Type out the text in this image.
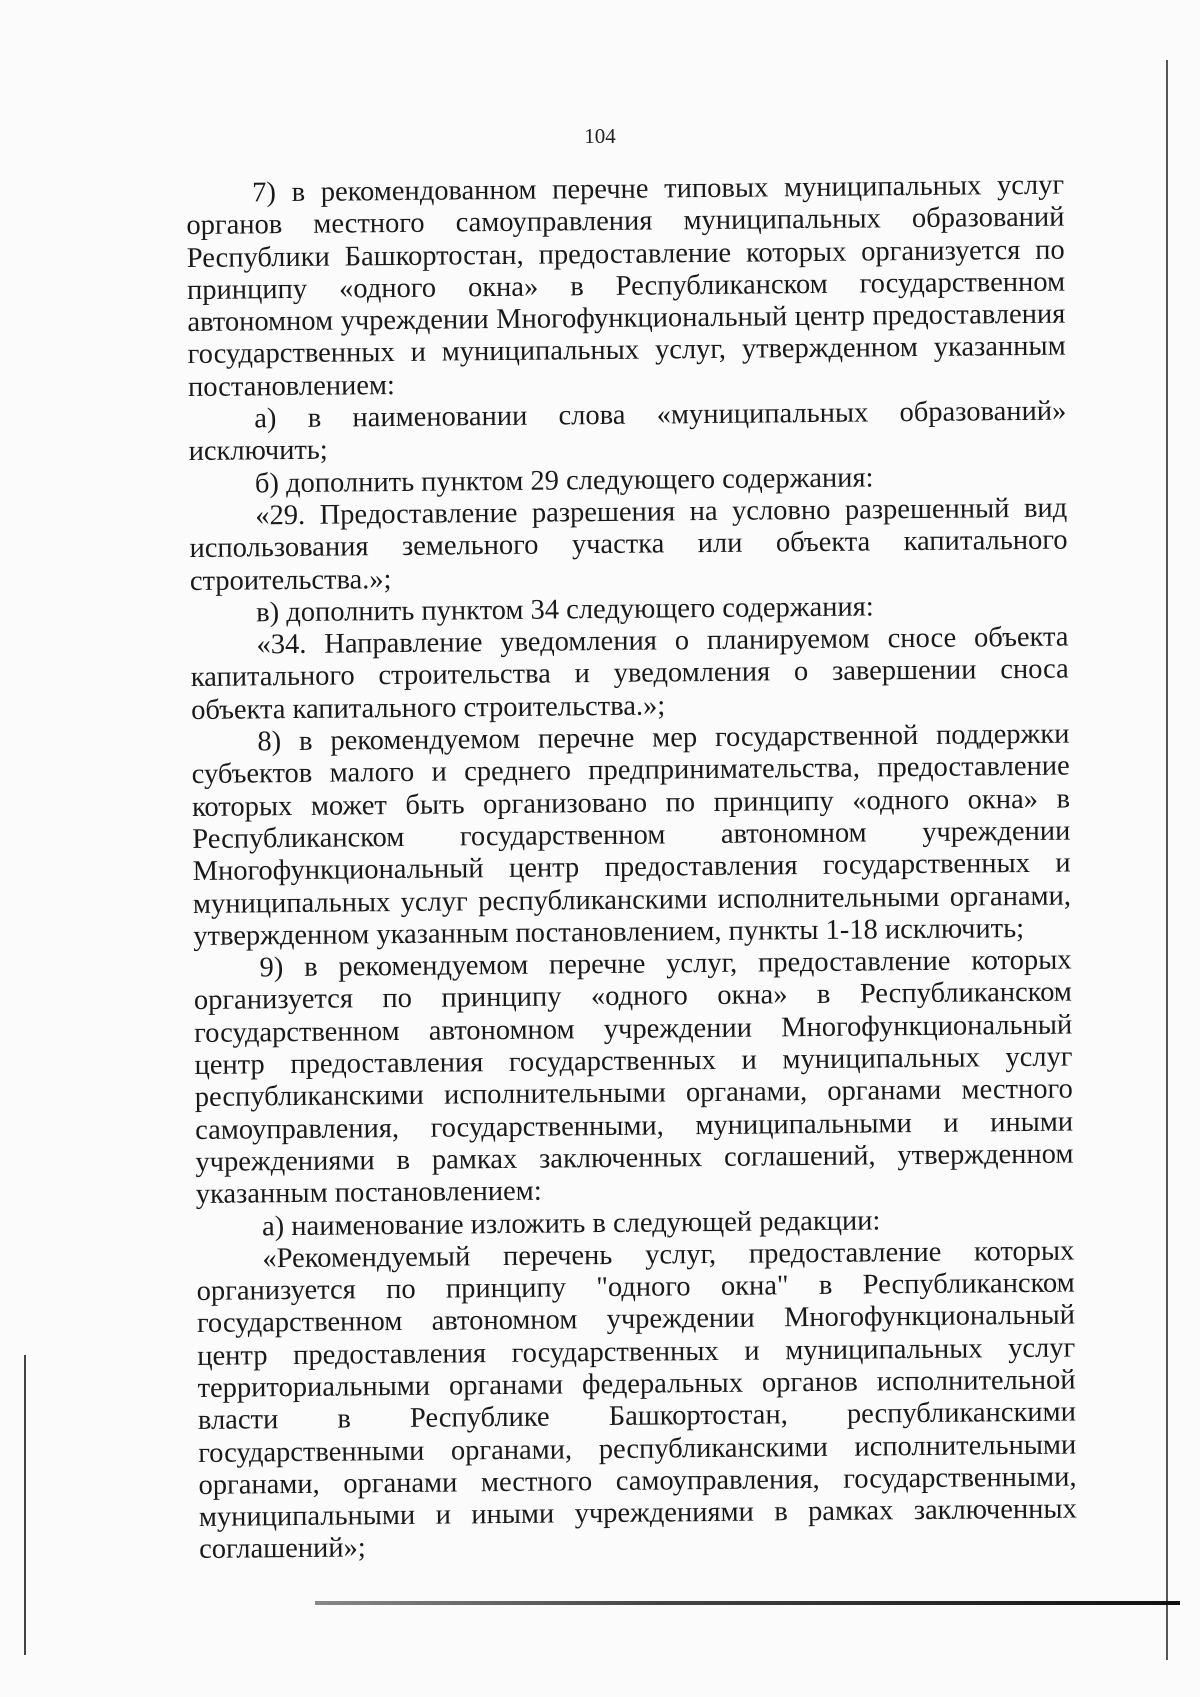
104

7) в рекомендованном перечне типовых муниципальных услуг органов местного самоуправления муниципальных образований Республики Башкортостан, предоставление которых организуется по принципу «одного окна» в Республиканском государственном автономном учреждении Многофункциональный центр предоставления государственных и муниципальных услуг, утвержденном указанным постановлением:

а) в наименовании слова «муниципальных образований» исключить;

б) дополнить пунктом 29 следующего содержания:

«29. Предоставление разрешения на условно разрешенный вид использования земельного участка или объекта капитального строительства.»;

в) дополнить пунктом 34 следующего содержания:

«34. Направление уведомления о планируемом сносе объекта капитального строительства и уведомления о завершении сноса объекта капитального строительства.»;

8) в рекомендуемом перечне мер государственной поддержки субъектов малого и среднего предпринимательства, предоставление которых может быть организовано по принципу «одного окна» в Республиканском государственном автономном учреждении Многофункциональный центр предоставления государственных и муниципальных услуг республиканскими исполнительными органами, утвержденном указанным постановлением, пункты 1-18 исключить;

9) в рекомендуемом перечне услуг, предоставление которых организуется по принципу «одного окна» в Республиканском государственном автономном учреждении Многофункциональный центр предоставления государственных и муниципальных услуг республиканскими исполнительными органами, органами местного самоуправления, государственными, муниципальными и иными учреждениями в рамках заключенных соглашений, утвержденном указанным постановлением:

а) наименование изложить в следующей редакции:

«Рекомендуемый перечень услуг, предоставление которых организуется по принципу "одного окна" в Республиканском государственном автономном учреждении Многофункциональный центр предоставления государственных и муниципальных услуг территориальными органами федеральных органов исполнительной власти в Республике Башкортостан, республиканскими государственными органами, республиканскими исполнительными органами, органами местного самоуправления, государственными, муниципальными и иными учреждениями в рамках заключенных соглашений»;
